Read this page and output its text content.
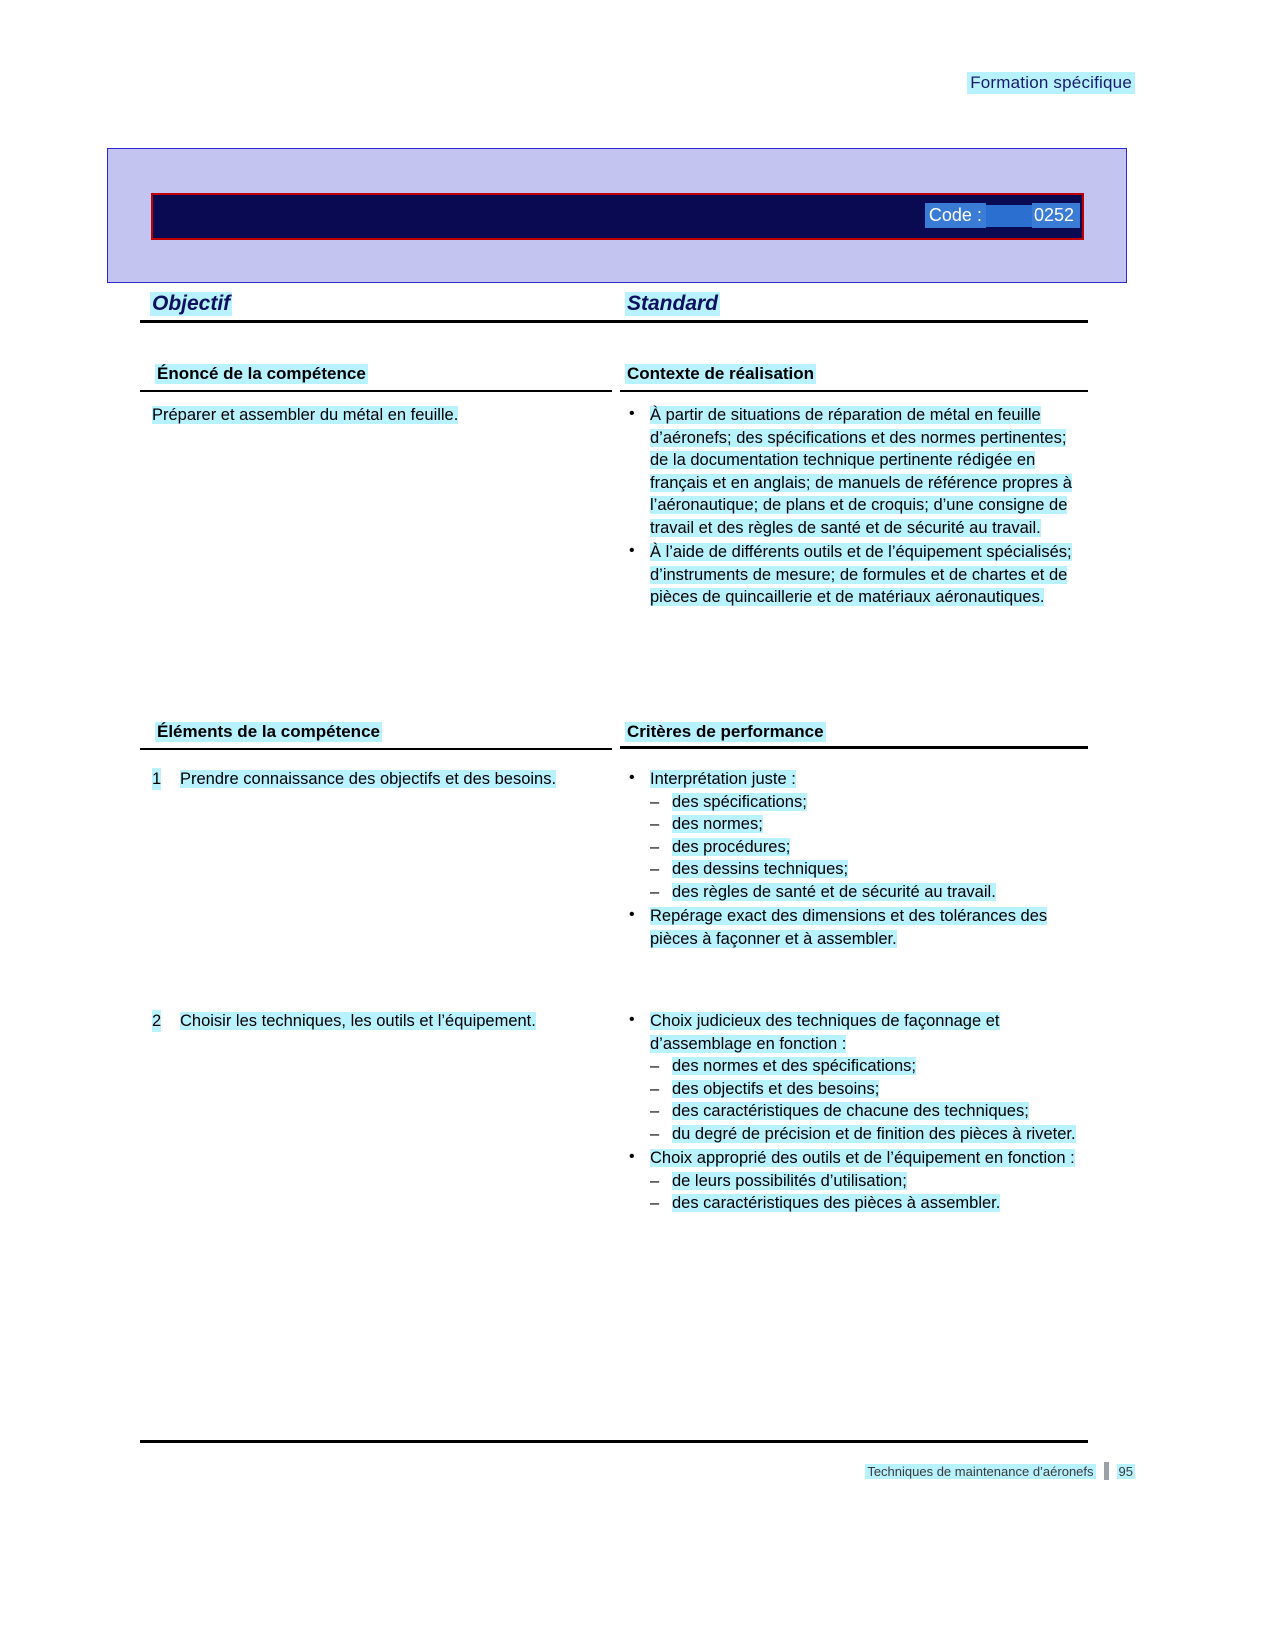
Formation spécifique
Code :	0252
Objectif	Standard
Énoncé de la compétence	Contexte de réalisation
Préparer et assembler du métal en feuille.	• À partir de situations de réparation de métal en feuille d’aéronefs; des spécifications et des normes pertinentes; de la documentation technique pertinente rédigée en français et en anglais; de manuels de référence propres à l’aéronautique; de plans et de croquis; d’une consigne de travail et des règles de santé et de sécurité au travail.
• À l’aide de différents outils et de l’équipement spécialisés; d’instruments de mesure; de formules et de chartes et de pièces de quincaillerie et de matériaux aéronautiques.
Éléments de la compétence	Critères de performance
1 Prendre connaissance des objectifs et des besoins.	• Interprétation juste :
– des spécifications;
– des normes;
– des procédures;
– des dessins techniques;
– des règles de santé et de sécurité au travail.
• Repérage exact des dimensions et des tolérances des pièces à façonner et à assembler.
2 Choisir les techniques, les outils et l’équipement.	• Choix judicieux des techniques de façonnage et d’assemblage en fonction :
– des normes et des spécifications;
– des objectifs et des besoins;
– des caractéristiques de chacune des techniques;
– du degré de précision et de finition des pièces à riveter.
• Choix approprié des outils et de l’équipement en fonction :
– de leurs possibilités d’utilisation;
– des caractéristiques des pièces à assembler.
Techniques de maintenance d’aéronefs 95
